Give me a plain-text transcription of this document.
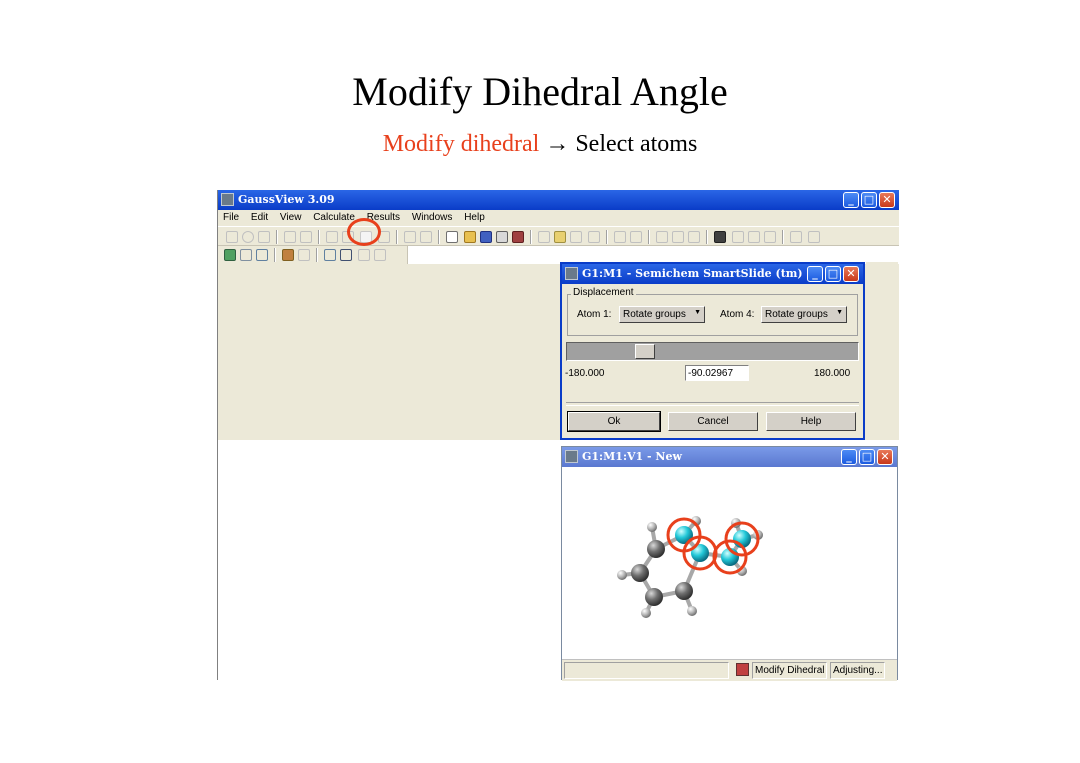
Modify Dihedral Angle
Modify dihedral → Select atoms
GaussView 3.09	_ □ ✕
File Edit View Calculate Results Windows Help
G1:M1 - Semichem SmartSlide (tm) _ □ ✕
Displacement
Atom 1:	Rotate groups ▼ Atom 4:	Rotate groups ▼
-180.000
-90.02967	180.000
Ok	Cancel	Help
G1:M1:V1 - New	_ □ ✕
Modify Dihedral Adjusting...
